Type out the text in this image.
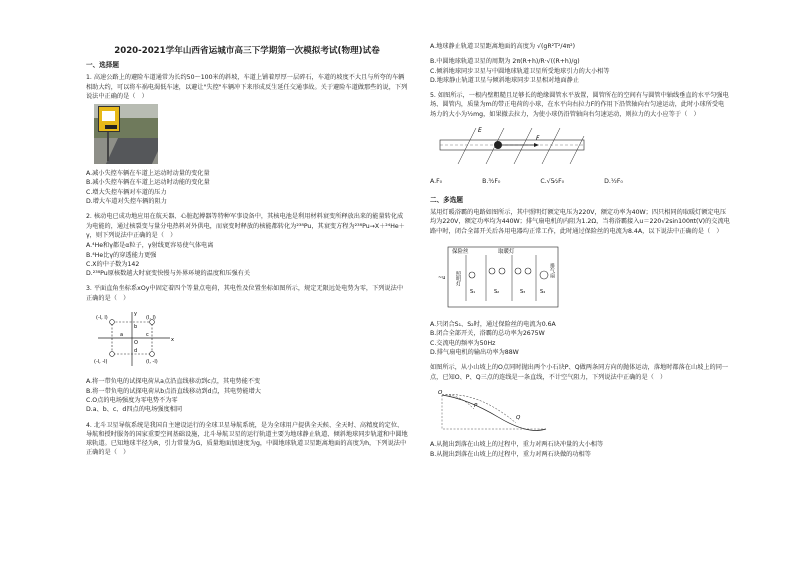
2020-2021学年山西省运城市高三下学期第一次模拟考试(物理)试卷
一、选择题
1. 高速公路上的避险车道通常为长约50～100米的斜坡，车道上铺着厚厚一层碎石，车道的坡度不大且与所夸的车辆相助大约，可以将车祸电渴低车速，以避让"失控"车辆冲下来形成反生延任交通事故。关于避险车道做那些的说，下列说法中正确的是（　）
A.减小失控车辆在车道上运动时动量的变化量
B.减小失控车辆在车道上运动时动能的变化量
C.增大失控车辆对车道的压力
D.增大车道对失控车辆的阻力
2. 核动电已成功地应用在航天器、心脏起搏器等特种军事设备中，其核电池是利用材料衰变所释放出来的能量转化成为电能的，通过核裂变与量分电热料对外供电，而衰变时释放的核能都转化为²³⁸Pu，其衰变方程为²³⁸Pu→X＋²⁴He＋γ，则下列说法中正确的是（　）
A.⁴He和γ都是α粒子，γ射线更容易使气体电离
B.⁴He比γ的穿透能力更强
C.X的中子数为142
D.²³⁸Pu原核数越大时衰变快慢与外界环境的温度和压强有关
3. 平面直角坐标系xOy中固定着四个等量点电荷，其电性及位置坐标如图所示，规定无限远处电势为零，下列说法中正确的是（　）
(-l, l)	(l, l)
(-l, -l)	(l, -l)
x
y
O
a
b
c
d
A.将一带负电的试探电荷从a点沿直线移动到c点，其电势能不变
B.将一带负电的试探电荷从b点沿直线移动到d点，其电势能增大
C.O点的电场强度为零电势不为零
D.a、b、c、d四点的电场强度相同
4. 北斗卫星导航系统是我国自主建设运行的全球卫星导航系统，是为全球用户提供全天候、全天时、高精度的定位、导航和授时服务的国家重要空间基础设施，北斗导航卫星的运行轨道主要为地球静止轨道、倾斜地球同步轨道和中圆地球轨道。已知地球半径为R，引力常量为G，质量地面加速度为g，中圆地球轨道卫星距离地面的高度为h，下列说法中正确的是（　）
A.地球静止轨道卫星距离地面的高度为 √(gR²T²/4π²)
B.中圆地球轨道卫星的周期为 2π(R+h)/R·√((R+h)/g)
C.倾斜地球同步卫星与中圆地球轨道卫星所受地球引力的大小相等
D.地球静止轨道卫星与倾斜地球同步卫星相对地面静止
5. 如图所示，一根内壁粗糙且足够长的绝缘圆管水平放置，圆管所在的空间有与圆管中轴线垂直的水平匀强电场、圆管内，质量为m的带正电荷的小球，在水平向右拉力F的作用下沿管轴向右匀速运动，此时小球所受电场力的大小为½mg，如果撤去拉力，为使小球仍沿管轴向右匀速运动，则拉力的大小应等于（　）
E
F
A.F₀	B.³⁄₂F₀	C.√5⁄₂F₀	D.½F₀
二、多选题
某用灯暖浴霸的电路如图所示，其中照明灯额定电压为220V，额定功率为40W；四只相同的取暖灯额定电压均为220V，额定功率均为440W；排气扇电机的内阻为1.2Ω，当将浴霸接入u＝220√2sin100πt(V)的交流电路中时，闭合全部开关后各用电器均正常工作，此时通过保险丝的电流为8.4A，以下说法中正确的是（　）
保险丝	取暖灯
排气扇
照明灯
~u
S₁	S₂	S₃	S₄
A.只闭合S₁、S₂时，通过保险丝的电流为0.6A
B.闭合全部开关，浴霸的总功率为2675W
C.交流电的频率为50Hz
D.排气扇电机的输出功率为88W
如图所示，从小山坡上的O点同时抛出两个小石块P、Q做两条同方向的抛体运动，落地时都落在山坡上的同一点，已知O、P、Q三点的连线是一条直线，不计空气阻力，下列说法中正确的是（　）
O
P
Q
A.从抛出到落在山坡上的过程中，重力对两石块冲量的大小相等
B.从抛出到落在山坡上的过程中，重力对两石块做的功相等
